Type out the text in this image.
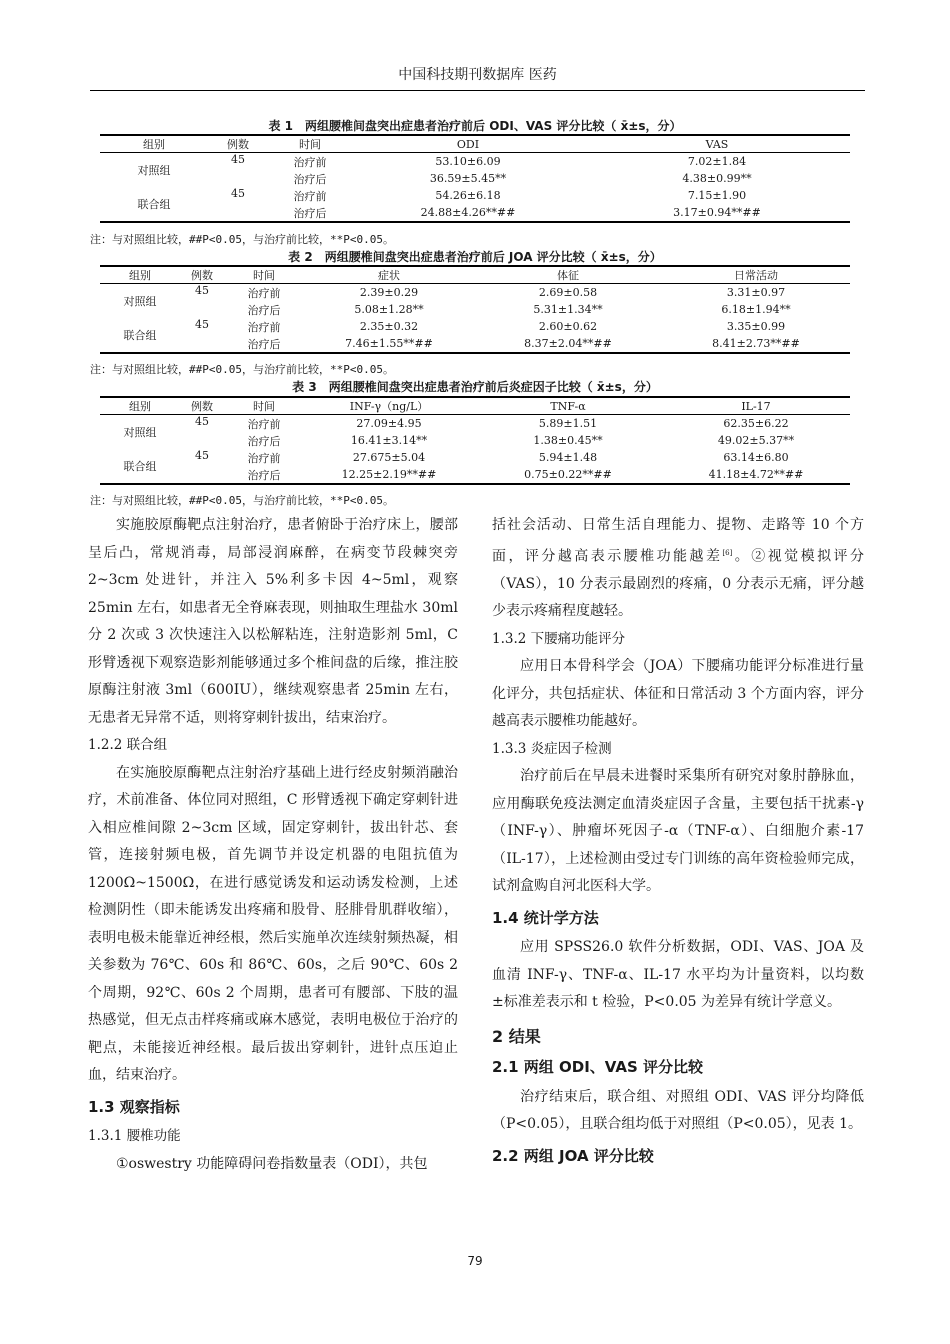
中国科技期刊数据库 医药
表 1　两组腰椎间盘突出症患者治疗前后 ODI、VAS 评分比较（ x̄±s，分）
组别	例数	时间	ODI	VAS
对照组	45	治疗前	53.10±6.09	7.02±1.84
		治疗后	36.59±5.45**	4.38±0.99**
联合组	45	治疗前	54.26±6.18	7.15±1.90
		治疗后	24.88±4.26**##	3.17±0.94**##
注：与对照组比较，##P<0.05，与治疗前比较，**P<0.05。
表 2　两组腰椎间盘突出症患者治疗前后 JOA 评分比较（ x̄±s，分）
组别	例数	时间	症状	体征	日常活动
对照组	45	治疗前	2.39±0.29	2.69±0.58	3.31±0.97
		治疗后	5.08±1.28**	5.31±1.34**	6.18±1.94**
联合组	45	治疗前	2.35±0.32	2.60±0.62	3.35±0.99
		治疗后	7.46±1.55**##	8.37±2.04**##	8.41±2.73**##
注：与对照组比较，##P<0.05，与治疗前比较，**P<0.05。
表 3　两组腰椎间盘突出症患者治疗前后炎症因子比较（ x̄±s，分）
组别	例数	时间	INF-γ（ng/L）	TNF-α	IL-17
对照组	45	治疗前	27.09±4.95	5.89±1.51	62.35±6.22
		治疗后	16.41±3.14**	1.38±0.45**	49.02±5.37**
联合组	45	治疗前	27.675±5.04	5.94±1.48	63.14±6.80
		治疗后	12.25±2.19**##	0.75±0.22**##	41.18±4.72**##
注：与对照组比较，##P<0.05，与治疗前比较，**P<0.05。

实施胶原酶靶点注射治疗，患者俯卧于治疗床上，腰部呈后凸，常规消毒，局部浸润麻醉，在病变节段棘突旁 2~3cm 处进针，并注入 5%利多卡因 4~5ml，观察 25min 左右，如患者无全脊麻表现，则抽取生理盐水 30ml 分 2 次或 3 次快速注入以松解粘连，注射造影剂 5ml，C 形臂透视下观察造影剂能够通过多个椎间盘的后缘，推注胶原酶注射液 3ml（600IU），继续观察患者 25min 左右，无患者无异常不适，则将穿刺针拔出，结束治疗。

1.2.2 联合组

在实施胶原酶靶点注射治疗基础上进行经皮射频消融治疗，术前准备、体位同对照组，C 形臂透视下确定穿刺针进入相应椎间隙 2~3cm 区域，固定穿刺针，拔出针芯、套管，连接射频电极，首先调节并设定机器的电阻抗值为 1200Ω~1500Ω，在进行感觉诱发和运动诱发检测，上述检测阴性（即未能诱发出疼痛和股骨、胫腓骨肌群收缩），表明电极未能靠近神经根，然后实施单次连续射频热凝，相关参数为 76℃、60s 和 86℃、60s，之后 90℃、60s 2 个周期，92℃、60s 2 个周期，患者可有腰部、下肢的温热感觉，但无点击样疼痛或麻木感觉，表明电极位于治疗的靶点，未能接近神经根。最后拔出穿刺针，进针点压迫止血，结束治疗。

1.3 观察指标

1.3.1 腰椎功能

①oswestry 功能障碍问卷指数量表（ODI），共包

括社会活动、日常生活自理能力、提物、走路等 10 个方面，评分越高表示腰椎功能越差[6]。②视觉模拟评分（VAS），10 分表示最剧烈的疼痛，0 分表示无痛，评分越少表示疼痛程度越轻。

1.3.2 下腰痛功能评分

应用日本骨科学会（JOA）下腰痛功能评分标准进行量化评分，共包括症状、体征和日常活动 3 个方面内容，评分越高表示腰椎功能越好。

1.3.3 炎症因子检测

治疗前后在早晨未进餐时采集所有研究对象肘静脉血，应用酶联免疫法测定血清炎症因子含量，主要包括干扰素-γ（INF-γ）、肿瘤坏死因子-α（TNF-α）、白细胞介素-17（IL-17），上述检测由受过专门训练的高年资检验师完成，试剂盒购自河北医科大学。

1.4 统计学方法

应用 SPSS26.0 软件分析数据，ODI、VAS、JOA 及血清 INF-γ、TNF-α、IL-17 水平均为计量资料，以均数±标准差表示和 t 检验，P<0.05 为差异有统计学意义。

2 结果

2.1 两组 ODI、VAS 评分比较

治疗结束后，联合组、对照组 ODI、VAS 评分均降低（P<0.05），且联合组均低于对照组（P<0.05），见表 1。

2.2 两组 JOA 评分比较

79
